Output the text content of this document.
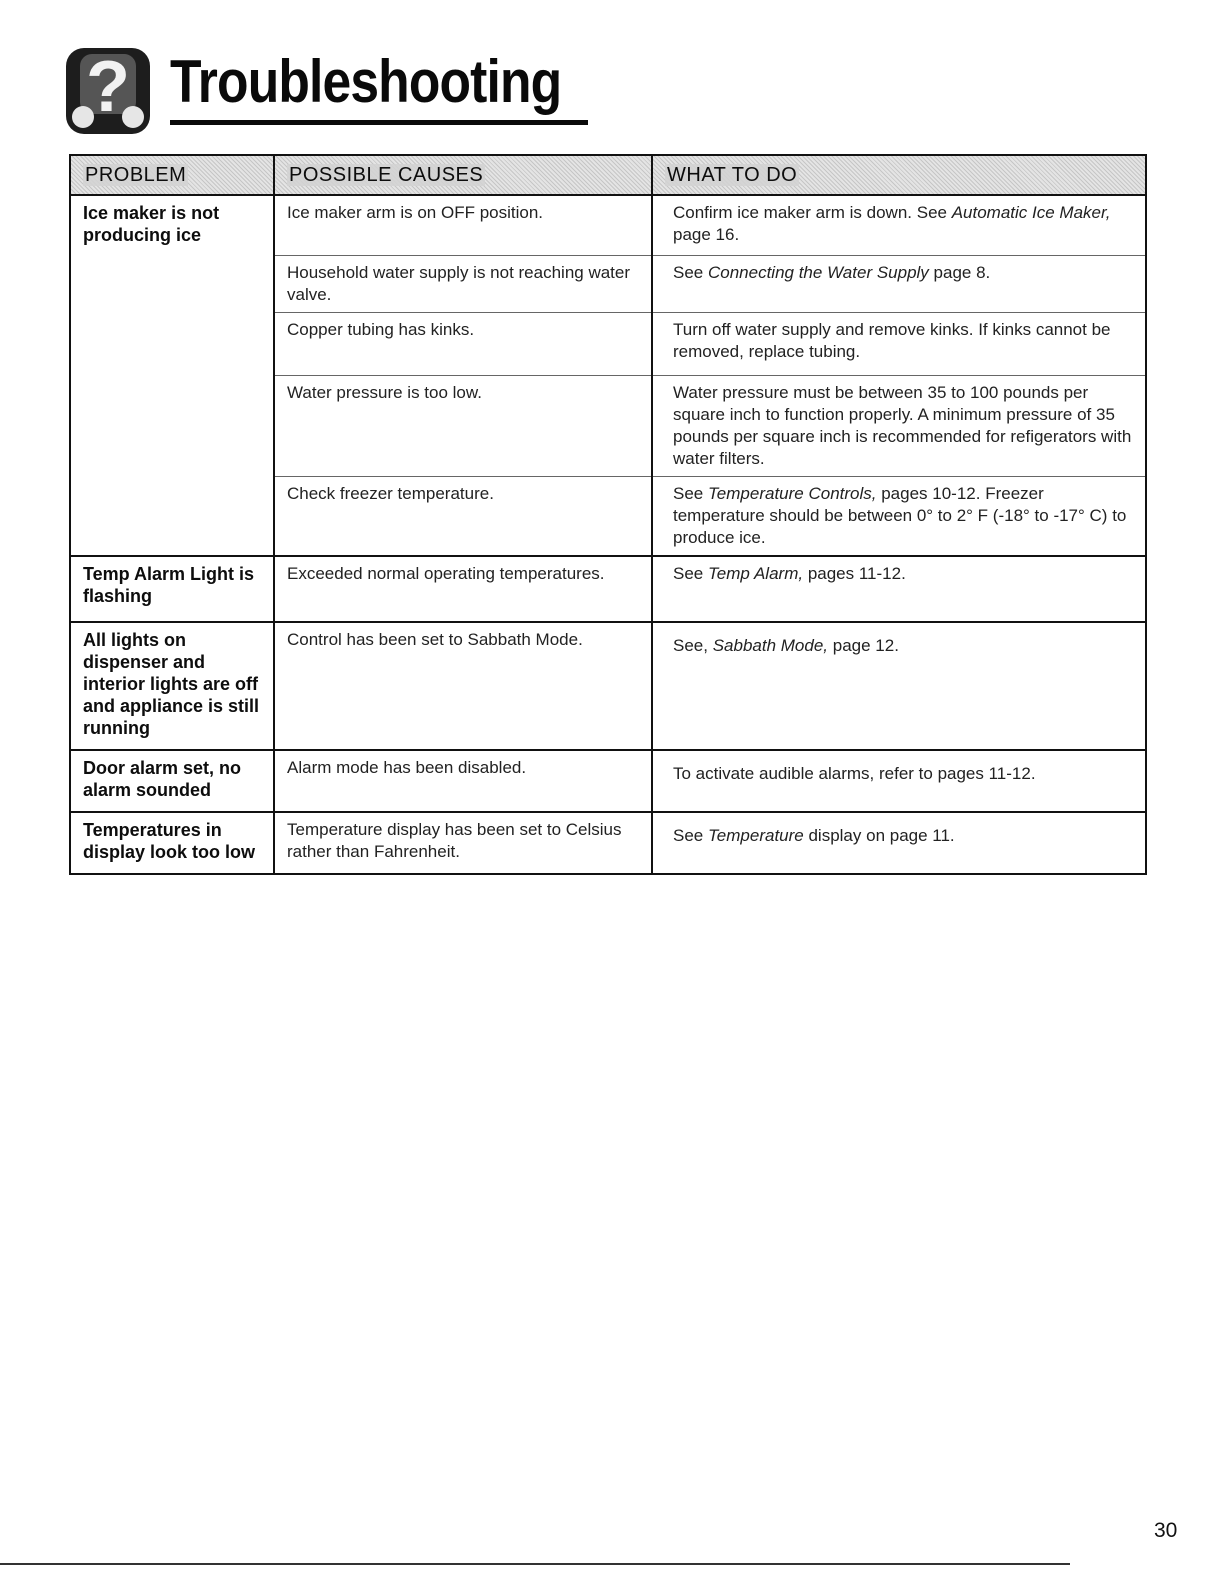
? Troubleshooting
PROBLEM	POSSIBLE CAUSES	WHAT TO DO
Ice maker is not producing ice	Ice maker arm is on OFF position.	Confirm ice maker arm is down. See Automatic Ice Maker, page 16.
	Household water supply is not reaching water valve.	See Connecting the Water Supply page 8.
	Copper tubing has kinks.	Turn off water supply and remove kinks. If kinks cannot be removed, replace tubing.
	Water pressure is too low.	Water pressure must be between 35 to 100 pounds per square inch to function properly. A minimum pressure of 35 pounds per square inch is recommended for refigerators with water filters.
	Check freezer temperature.	See Temperature Controls, pages 10-12. Freezer temperature should be between 0° to 2° F (-18° to -17° C) to produce ice.
Temp Alarm Light is flashing	Exceeded normal operating temperatures.	See Temp Alarm, pages 11-12.
All lights on dispenser and interior lights are off and appliance is still running	Control has been set to Sabbath Mode.	See, Sabbath Mode, page 12.
Door alarm set, no alarm sounded	Alarm mode has been disabled.	To activate audible alarms, refer to pages 11-12.
Temperatures in display look too low	Temperature display has been set to Celsius rather than Fahrenheit.	See Temperature display on page 11.
30
